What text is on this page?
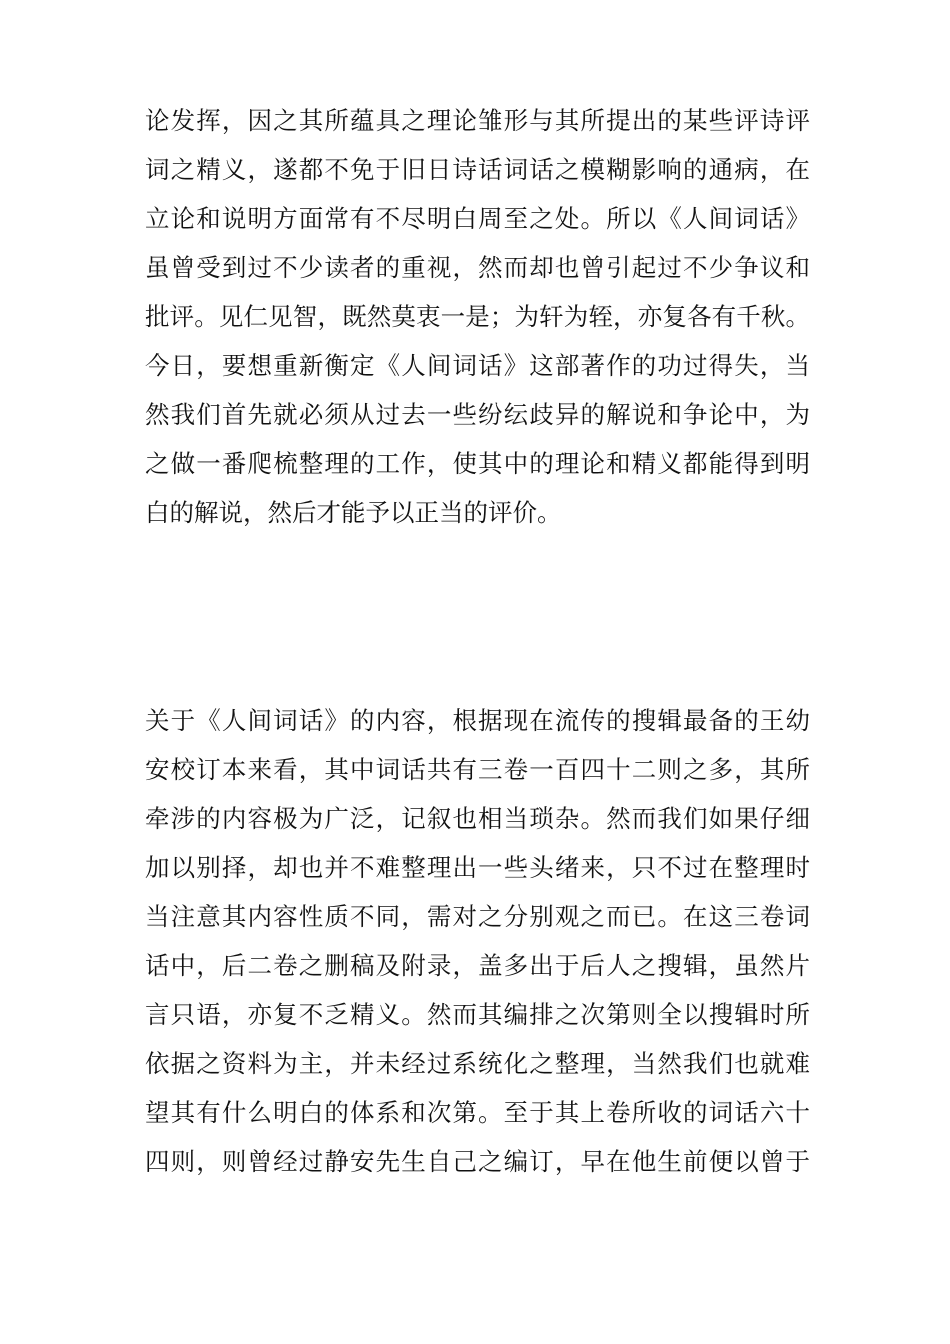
论发挥，因之其所蕴具之理论雏形与其所提出的某些评诗评
词之精义，遂都不免于旧日诗话词话之模糊影响的通病，在
立论和说明方面常有不尽明白周至之处。所以《人间词话》
虽曾受到过不少读者的重视，然而却也曾引起过不少争议和
批评。见仁见智，既然莫衷一是；为轩为轾，亦复各有千秋。
今日，要想重新衡定《人间词话》这部著作的功过得失，当
然我们首先就必须从过去一些纷纭歧异的解说和争论中，为
之做一番爬梳整理的工作，使其中的理论和精义都能得到明
白的解说，然后才能予以正当的评价。
关于《人间词话》的内容，根据现在流传的搜辑最备的王幼
安校订本来看，其中词话共有三卷一百四十二则之多，其所
牵涉的内容极为广泛，记叙也相当琐杂。然而我们如果仔细
加以别择，却也并不难整理出一些头绪来，只不过在整理时
当注意其内容性质不同，需对之分别观之而已。在这三卷词
话中，后二卷之删稿及附录，盖多出于后人之搜辑，虽然片
言只语，亦复不乏精义。然而其编排之次第则全以搜辑时所
依据之资料为主，并未经过系统化之整理，当然我们也就难
望其有什么明白的体系和次第。至于其上卷所收的词话六十
四则，则曾经过静安先生自己之编订，早在他生前便以曾于
